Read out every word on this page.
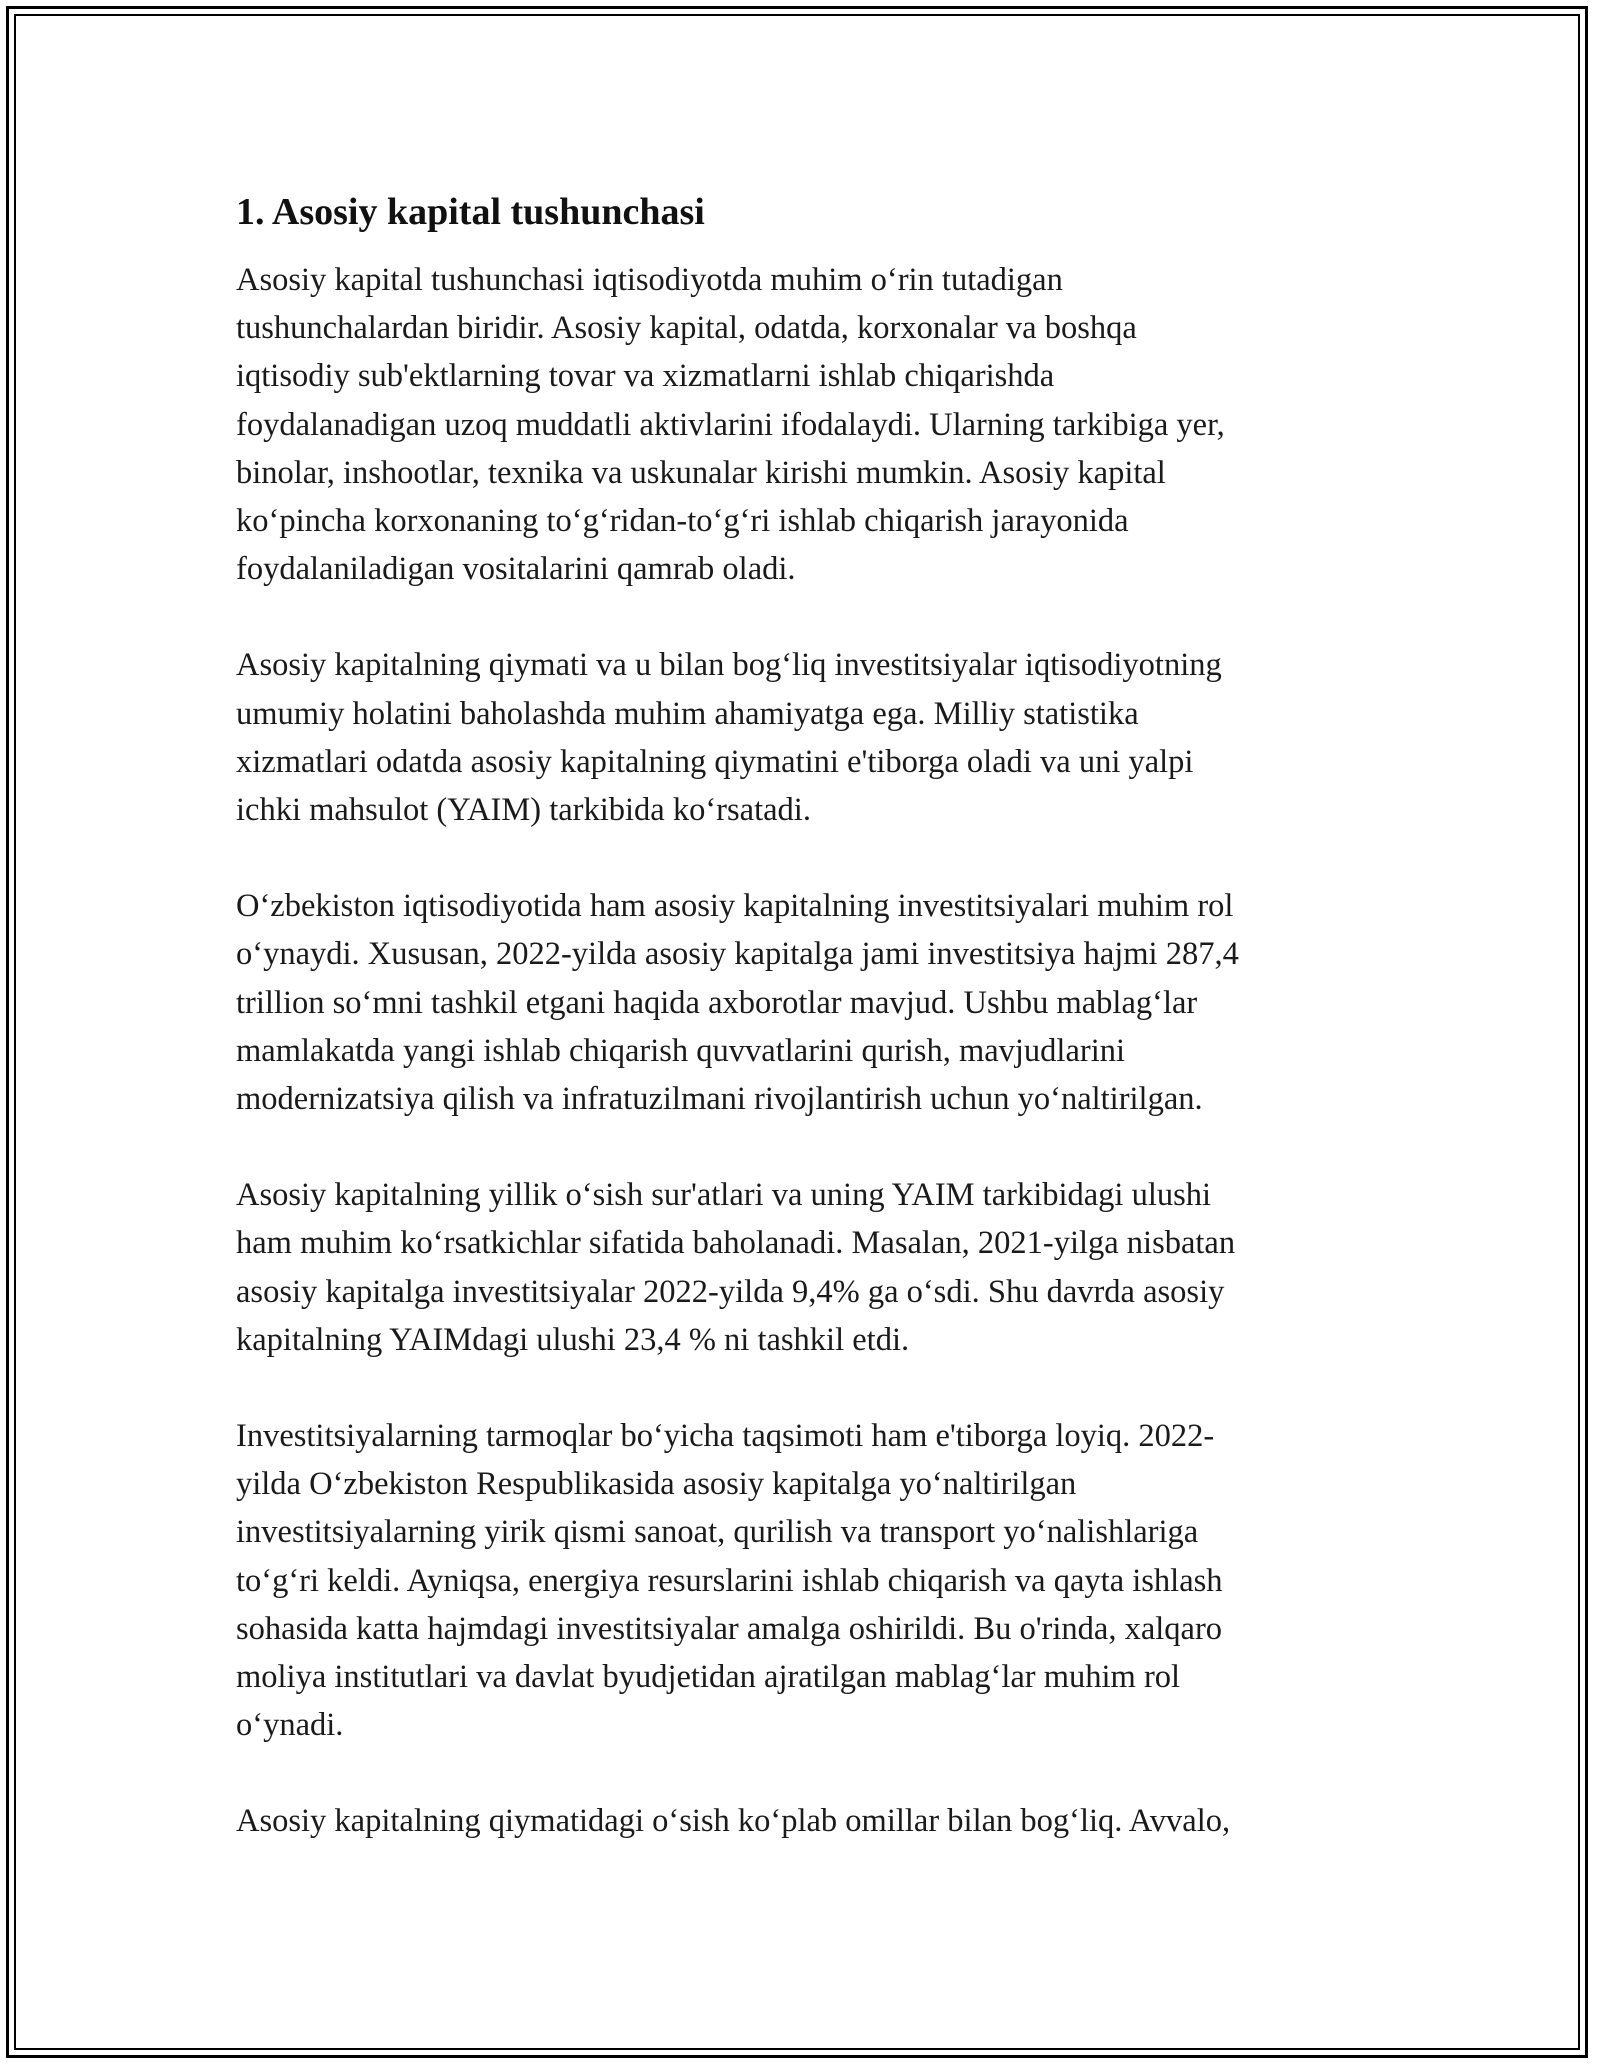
1. Asosiy kapital tushunchasi

Asosiy kapital tushunchasi iqtisodiyotda muhim o‘rin tutadigan
tushunchalardan biridir. Asosiy kapital, odatda, korxonalar va boshqa
iqtisodiy sub'ektlarning tovar va xizmatlarni ishlab chiqarishda
foydalanadigan uzoq muddatli aktivlarini ifodalaydi. Ularning tarkibiga yer,
binolar, inshootlar, texnika va uskunalar kirishi mumkin. Asosiy kapital
ko‘pincha korxonaning to‘g‘ridan-to‘g‘ri ishlab chiqarish jarayonida
foydalaniladigan vositalarini qamrab oladi.

Asosiy kapitalning qiymati va u bilan bog‘liq investitsiyalar iqtisodiyotning
umumiy holatini baholashda muhim ahamiyatga ega. Milliy statistika
xizmatlari odatda asosiy kapitalning qiymatini e'tiborga oladi va uni yalpi
ichki mahsulot (YAIM) tarkibida ko‘rsatadi.

O‘zbekiston iqtisodiyotida ham asosiy kapitalning investitsiyalari muhim rol
o‘ynaydi. Xususan, 2022-yilda asosiy kapitalga jami investitsiya hajmi 287,4
trillion so‘mni tashkil etgani haqida axborotlar mavjud. Ushbu mablag‘lar
mamlakatda yangi ishlab chiqarish quvvatlarini qurish, mavjudlarini
modernizatsiya qilish va infratuzilmani rivojlantirish uchun yo‘naltirilgan.

Asosiy kapitalning yillik o‘sish sur'atlari va uning YAIM tarkibidagi ulushi
ham muhim ko‘rsatkichlar sifatida baholanadi. Masalan, 2021-yilga nisbatan
asosiy kapitalga investitsiyalar 2022-yilda 9,4% ga o‘sdi. Shu davrda asosiy
kapitalning YAIMdagi ulushi 23,4 % ni tashkil etdi.

Investitsiyalarning tarmoqlar bo‘yicha taqsimoti ham e'tiborga loyiq. 2022-
yilda O‘zbekiston Respublikasida asosiy kapitalga yo‘naltirilgan
investitsiyalarning yirik qismi sanoat, qurilish va transport yo‘nalishlariga
to‘g‘ri keldi. Ayniqsa, energiya resurslarini ishlab chiqarish va qayta ishlash
sohasida katta hajmdagi investitsiyalar amalga oshirildi. Bu o'rinda, xalqaro
moliya institutlari va davlat byudjetidan ajratilgan mablag‘lar muhim rol
o‘ynadi.

Asosiy kapitalning qiymatidagi o‘sish ko‘plab omillar bilan bog‘liq. Avvalo,
